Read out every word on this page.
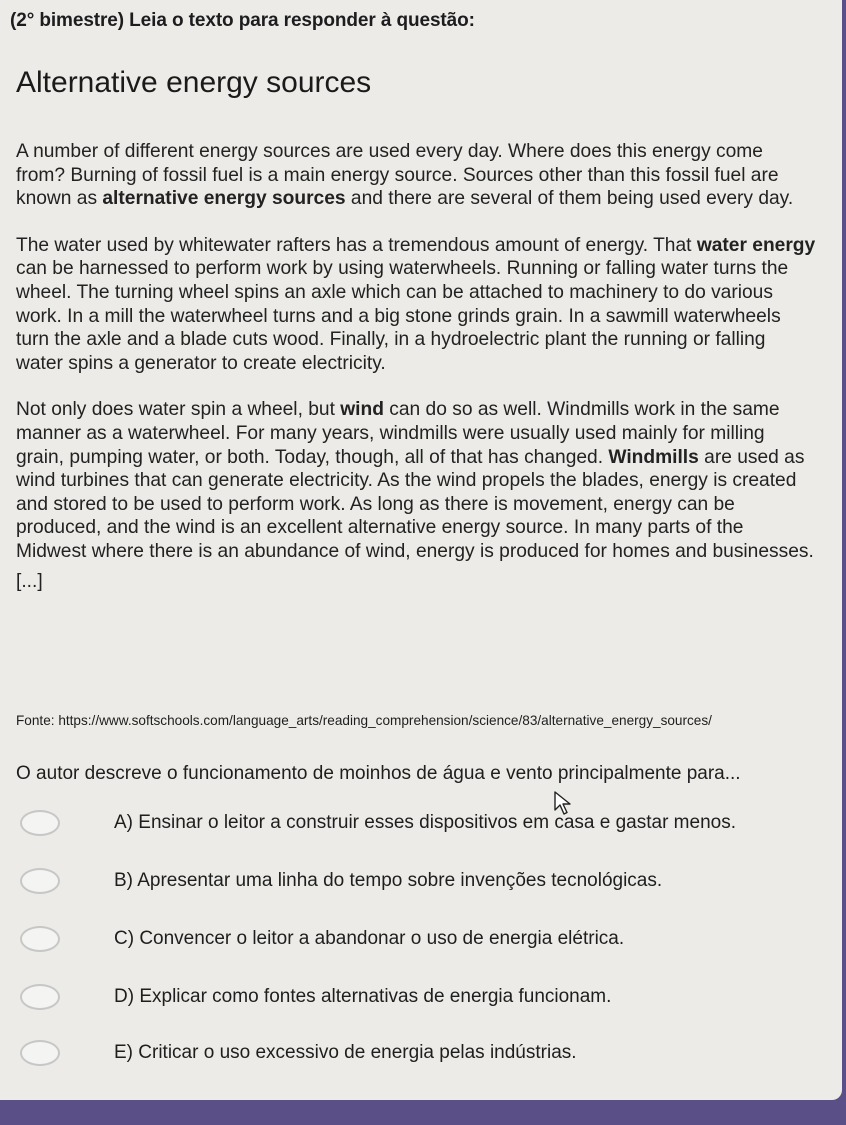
(2° bimestre) Leia o texto para responder à questão:
Alternative energy sources

A number of different energy sources are used every day. Where does this energy come from? Burning of fossil fuel is a main energy source. Sources other than this fossil fuel are known as alternative energy sources and there are several of them being used every day.

The water used by whitewater rafters has a tremendous amount of energy. That water energy can be harnessed to perform work by using waterwheels. Running or falling water turns the wheel. The turning wheel spins an axle which can be attached to machinery to do various work. In a mill the waterwheel turns and a big stone grinds grain. In a sawmill waterwheels turn the axle and a blade cuts wood. Finally, in a hydroelectric plant the running or falling water spins a generator to create electricity.

Not only does water spin a wheel, but wind can do so as well. Windmills work in the same manner as a waterwheel. For many years, windmills were usually used mainly for milling grain, pumping water, or both. Today, though, all of that has changed. Windmills are used as wind turbines that can generate electricity. As the wind propels the blades, energy is created and stored to be used to perform work. As long as there is movement, energy can be produced, and the wind is an excellent alternative energy source. In many parts of the Midwest where there is an abundance of wind, energy is produced for homes and businesses.

[...]
Fonte: https://www.softschools.com/language_arts/reading_comprehension/science/83/alternative_energy_sources/
O autor descreve o funcionamento de moinhos de água e vento principalmente para...
A) Ensinar o leitor a construir esses dispositivos em casa e gastar menos.
B) Apresentar uma linha do tempo sobre invenções tecnológicas.
C) Convencer o leitor a abandonar o uso de energia elétrica.
D) Explicar como fontes alternativas de energia funcionam.
E) Criticar o uso excessivo de energia pelas indústrias.
